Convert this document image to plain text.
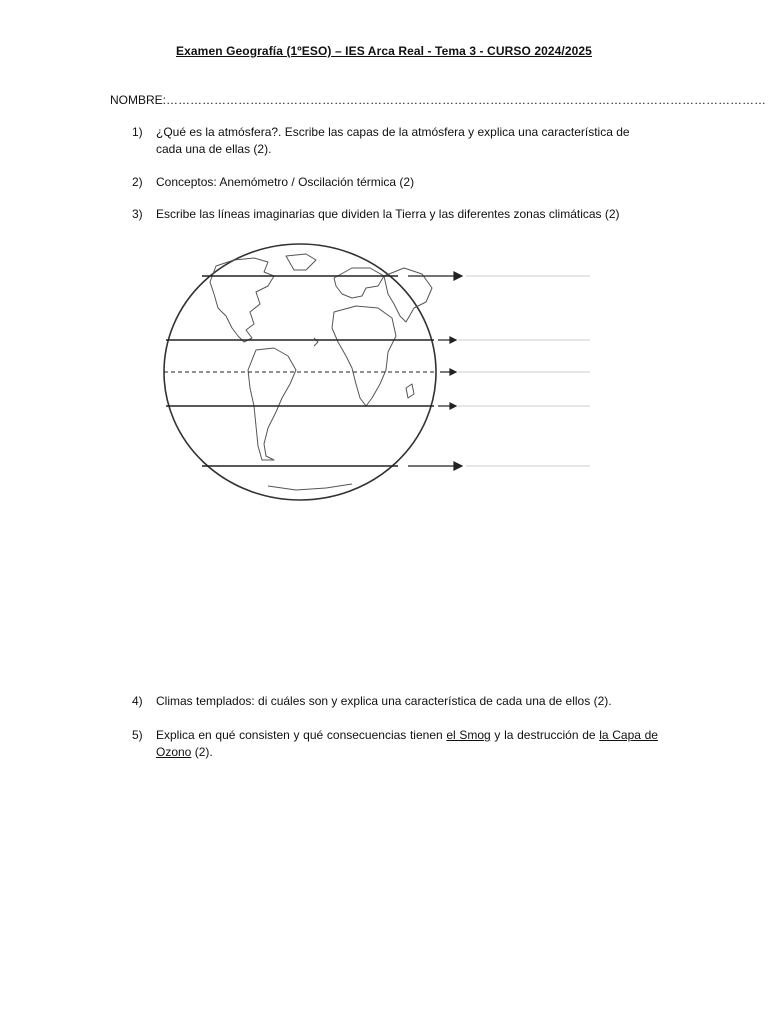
Examen Geografía (1ºESO) – IES Arca Real - Tema 3 - CURSO 2024/2025
NOMBRE:……………………………………………………………………………………………………………………………………
1)	¿Qué es la atmósfera?. Escribe las capas de la atmósfera y explica una característica de cada una de ellas (2).
2)	Conceptos: Anemómetro / Oscilación térmica (2)
3)	Escribe las líneas imaginarias que dividen la Tierra y las diferentes zonas climáticas (2)
4)	Climas templados: di cuáles son y explica una característica de cada una de ellos (2).
5)	Explica en qué consisten y qué consecuencias tienen el Smog y la destrucción de la Capa de Ozono (2).
